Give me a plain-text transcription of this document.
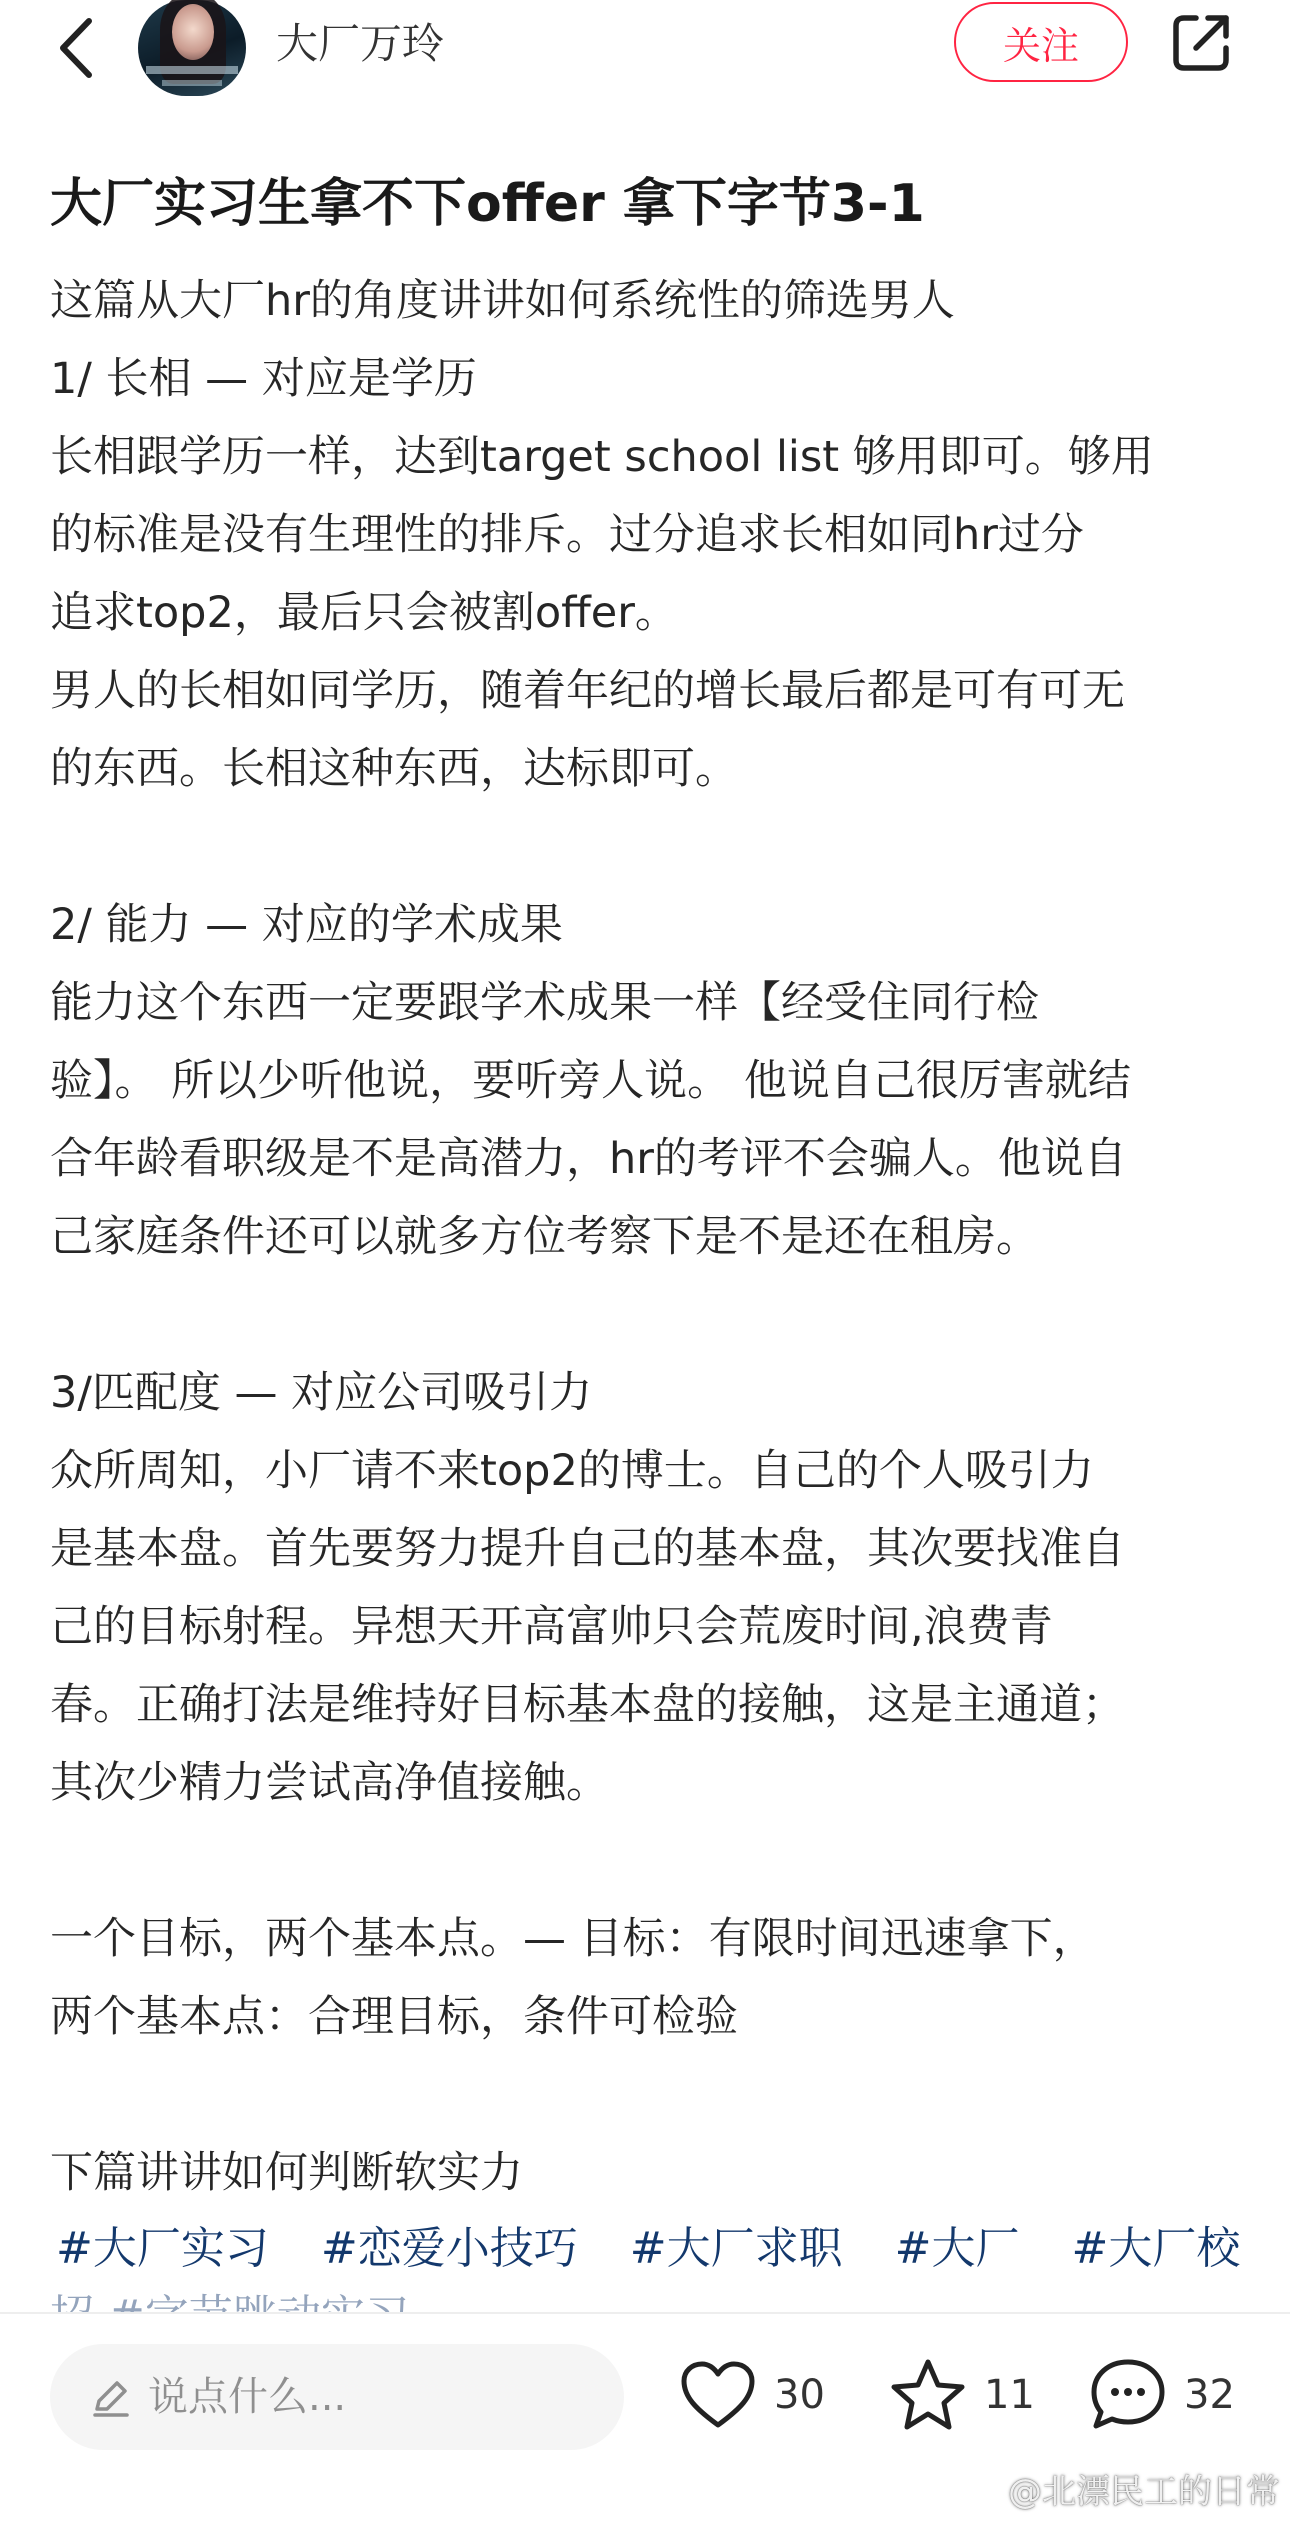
大厂万玲	关注
大厂实习生拿不下offer 拿下字节3-1
这篇从大厂hr的角度讲讲如何系统性的筛选男人
1/ 长相 — 对应是学历
长相跟学历一样，达到target school list 够用即可。够用
的标准是没有生理性的排斥。过分追求长相如同hr过分
追求top2，最后只会被割offer。
男人的长相如同学历，随着年纪的增长最后都是可有可无
的东西。长相这种东西，达标即可。
2/ 能力 — 对应的学术成果
能力这个东西一定要跟学术成果一样【经受住同行检
验】。 所以少听他说，要听旁人说。 他说自己很厉害就结
合年龄看职级是不是高潜力，hr的考评不会骗人。他说自
己家庭条件还可以就多方位考察下是不是还在租房。
3/匹配度 — 对应公司吸引力
众所周知，小厂请不来top2的博士。自己的个人吸引力
是基本盘。首先要努力提升自己的基本盘，其次要找准自
己的目标射程。异想天开高富帅只会荒废时间,浪费青
春。正确打法是维持好目标基本盘的接触，这是主通道；
其次少精力尝试高净值接触。
一个目标，两个基本点。— 目标：有限时间迅速拿下，
两个基本点：合理目标，条件可检验
下篇讲讲如何判断软实力
#大厂实习 #恋爱小技巧 #大厂求职 #大厂 #大厂校
说点什么...
30	11	32
@北漂民工的日常
